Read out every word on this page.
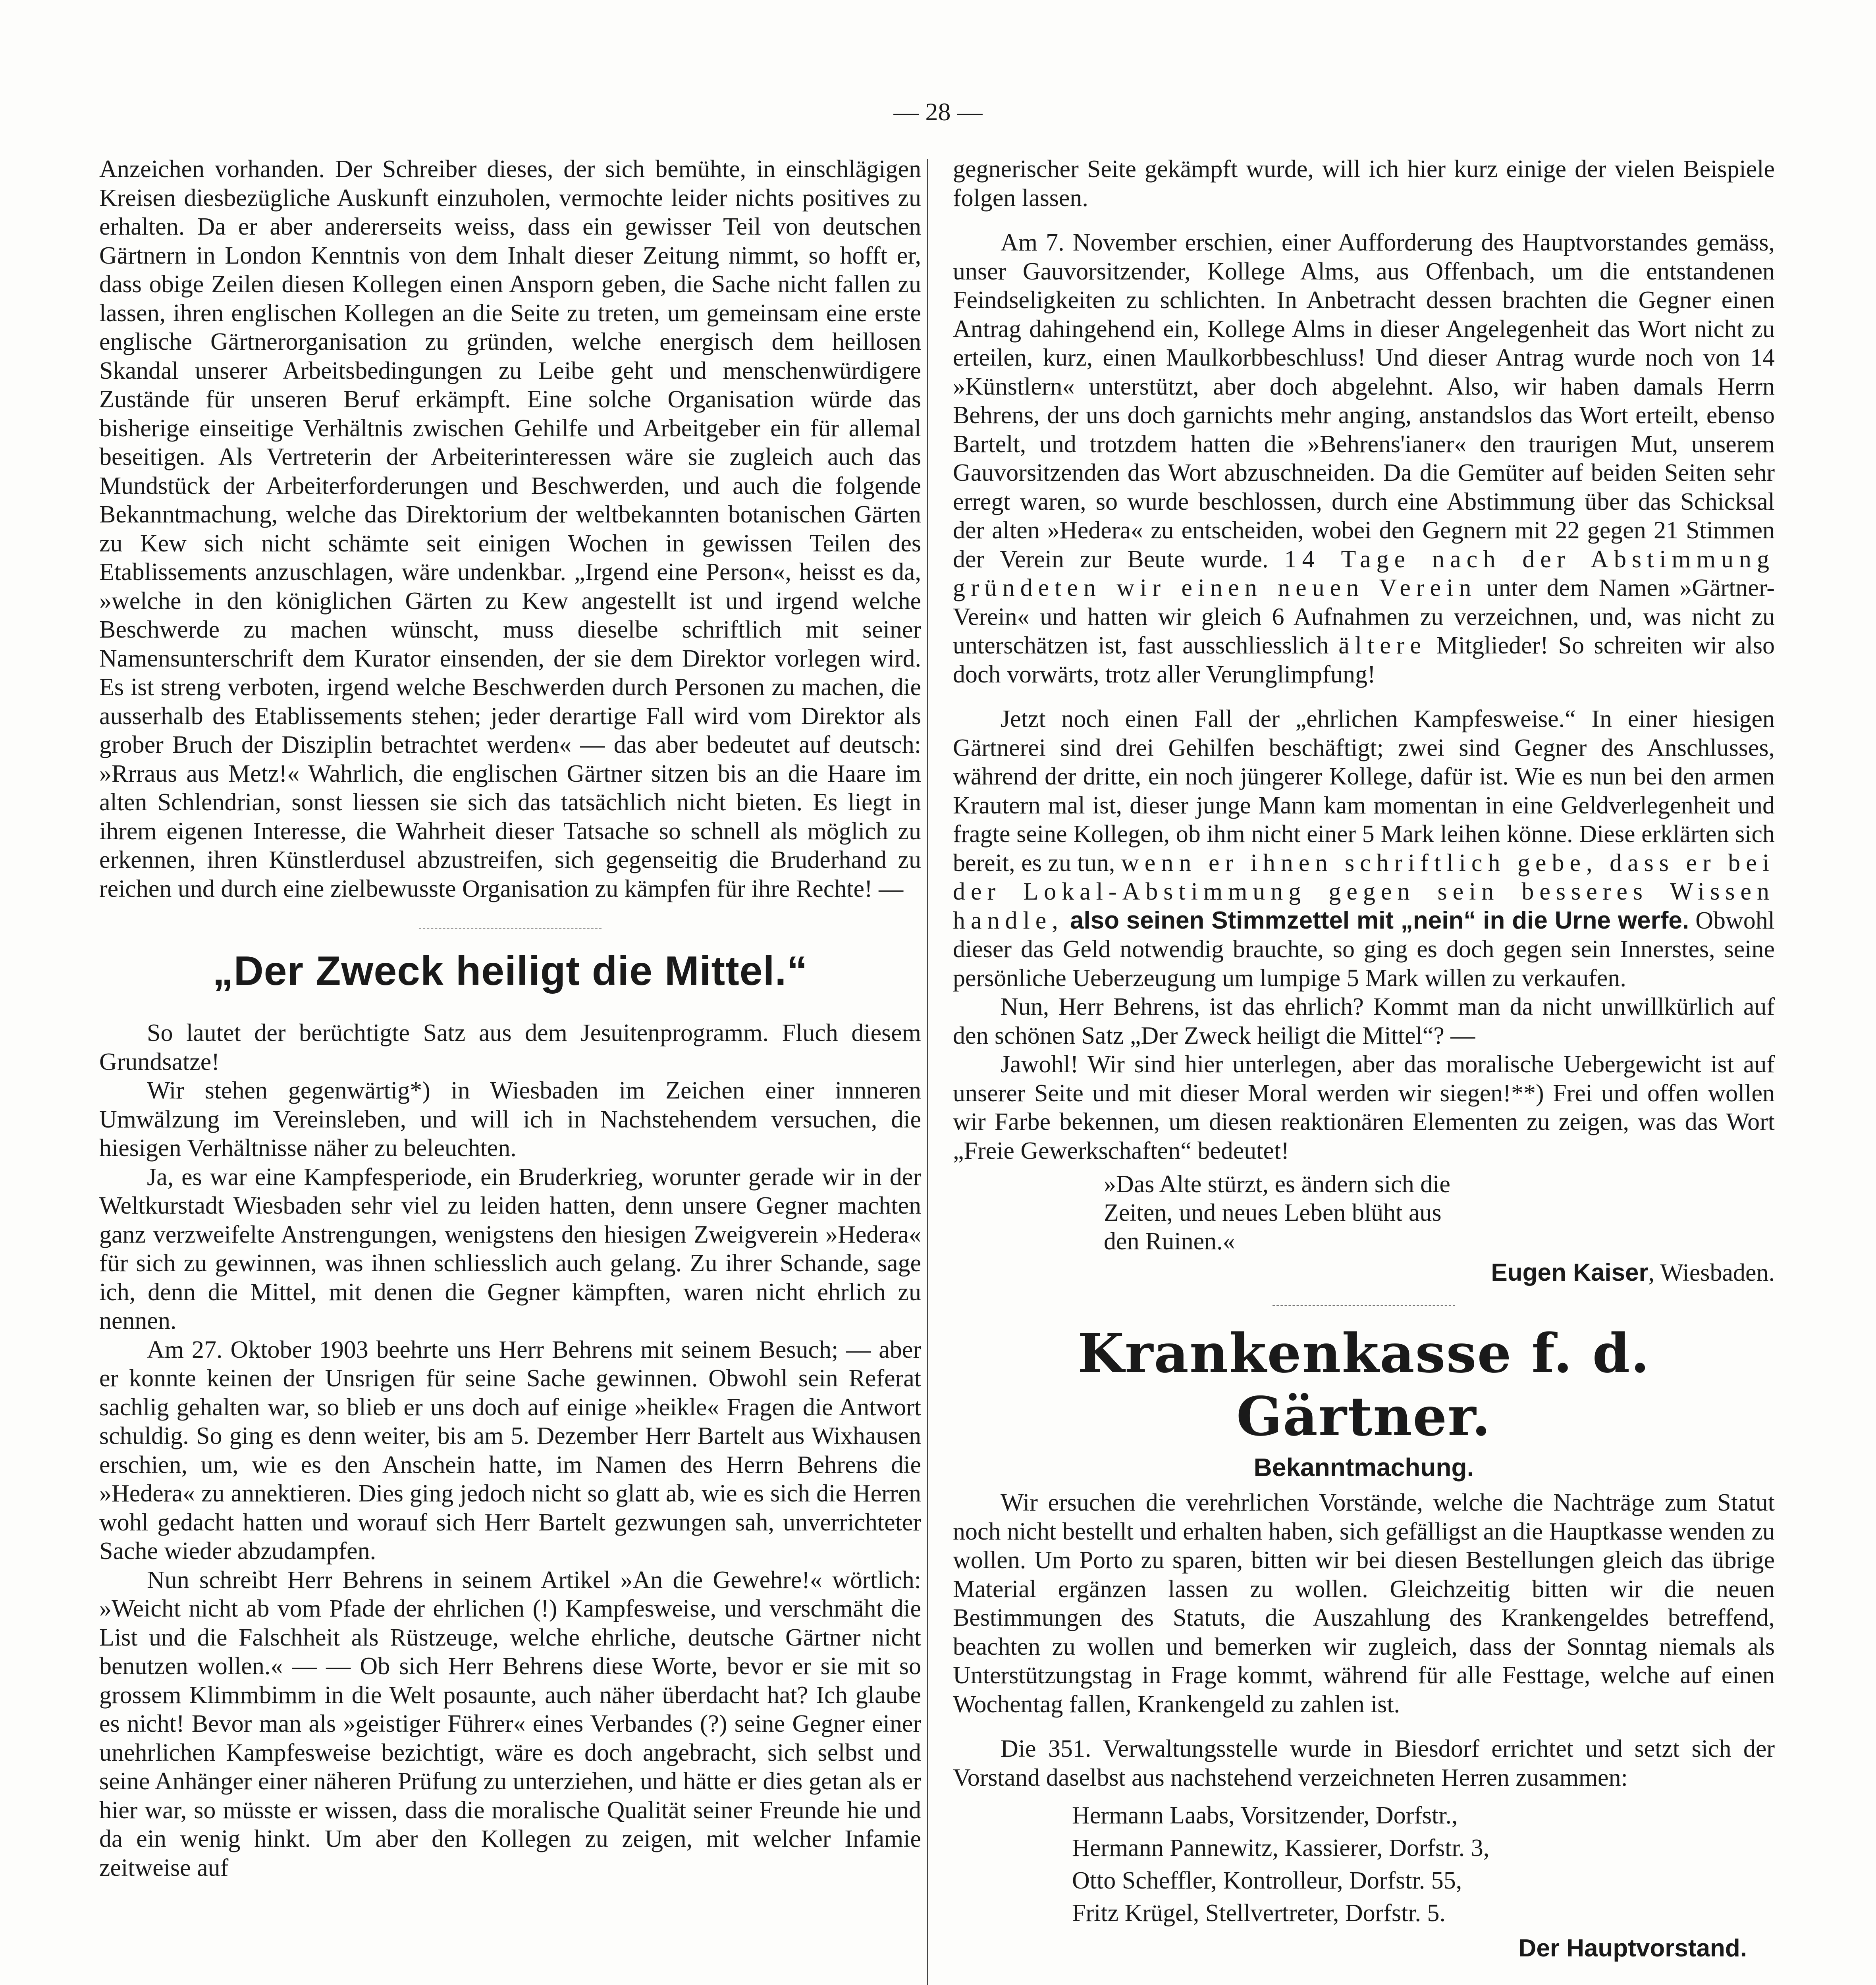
— 28 —

Anzeichen vorhanden. Der Schreiber dieses, der sich bemühte, in einschlägigen Kreisen diesbezügliche Auskunft einzuholen, vermochte leider nichts positives zu erhalten. Da er aber andererseits weiss, dass ein gewisser Teil von deutschen Gärtnern in London Kenntnis von dem Inhalt dieser Zeitung nimmt, so hofft er, dass obige Zeilen diesen Kollegen einen Ansporn geben, die Sache nicht fallen zu lassen, ihren englischen Kollegen an die Seite zu treten, um gemeinsam eine erste englische Gärtnerorganisation zu gründen, welche energisch dem heillosen Skandal unserer Arbeitsbedingungen zu Leibe geht und menschenwürdigere Zustände für unseren Beruf erkämpft. Eine solche Organisation würde das bisherige einseitige Verhältnis zwischen Gehilfe und Arbeitgeber ein für allemal beseitigen. Als Vertreterin der Arbeiterinteressen wäre sie zugleich auch das Mundstück der Arbeiterforderungen und Beschwerden, und auch die folgende Bekanntmachung, welche das Direktorium der weltbekannten botanischen Gärten zu Kew sich nicht schämte seit einigen Wochen in gewissen Teilen des Etablissements anzuschlagen, wäre undenkbar. „Irgend eine Person«, heisst es da, »welche in den königlichen Gärten zu Kew angestellt ist und irgend welche Beschwerde zu machen wünscht, muss dieselbe schriftlich mit seiner Namensunterschrift dem Kurator einsenden, der sie dem Direktor vorlegen wird. Es ist streng verboten, irgend welche Beschwerden durch Personen zu machen, die ausserhalb des Etablissements stehen; jeder derartige Fall wird vom Direktor als grober Bruch der Disziplin betrachtet werden« — das aber bedeutet auf deutsch: »Rrraus aus Metz!« Wahrlich, die englischen Gärtner sitzen bis an die Haare im alten Schlendrian, sonst liessen sie sich das tatsächlich nicht bieten. Es liegt in ihrem eigenen Interesse, die Wahrheit dieser Tatsache so schnell als möglich zu erkennen, ihren Künstlerdusel abzustreifen, sich gegenseitig die Bruderhand zu reichen und durch eine zielbewusste Organisation zu kämpfen für ihre Rechte! —

„Der Zweck heiligt die Mittel.“

So lautet der berüchtigte Satz aus dem Jesuitenprogramm. Fluch diesem Grundsatze!

Wir stehen gegenwärtig*) in Wiesbaden im Zeichen einer innneren Umwälzung im Vereinsleben, und will ich in Nachstehendem versuchen, die hiesigen Verhältnisse näher zu beleuchten.

Ja, es war eine Kampfesperiode, ein Bruderkrieg, worunter gerade wir in der Weltkurstadt Wiesbaden sehr viel zu leiden hatten, denn unsere Gegner machten ganz verzweifelte Anstrengungen, wenigstens den hiesigen Zweigverein »Hedera« für sich zu gewinnen, was ihnen schliesslich auch gelang. Zu ihrer Schande, sage ich, denn die Mittel, mit denen die Gegner kämpften, waren nicht ehrlich zu nennen.

Am 27. Oktober 1903 beehrte uns Herr Behrens mit seinem Besuch; — aber er konnte keinen der Unsrigen für seine Sache gewinnen. Obwohl sein Referat sachlig gehalten war, so blieb er uns doch auf einige »heikle« Fragen die Antwort schuldig. So ging es denn weiter, bis am 5. Dezember Herr Bartelt aus Wixhausen erschien, um, wie es den Anschein hatte, im Namen des Herrn Behrens die »Hedera« zu annektieren. Dies ging jedoch nicht so glatt ab, wie es sich die Herren wohl gedacht hatten und worauf sich Herr Bartelt gezwungen sah, unverrichteter Sache wieder abzudampfen.

Nun schreibt Herr Behrens in seinem Artikel »An die Gewehre!« wörtlich: »Weicht nicht ab vom Pfade der ehrlichen (!) Kampfesweise, und verschmäht die List und die Falschheit als Rüstzeuge, welche ehrliche, deutsche Gärtner nicht benutzen wollen.« — — Ob sich Herr Behrens diese Worte, bevor er sie mit so grossem Klimmbimm in die Welt posaunte, auch näher überdacht hat? Ich glaube es nicht! Bevor man als »geistiger Führer« eines Verbandes (?) seine Gegner einer unehrlichen Kampfesweise bezichtigt, wäre es doch angebracht, sich selbst und seine Anhänger einer näheren Prüfung zu unterziehen, und hätte er dies getan als er hier war, so müsste er wissen, dass die moralische Qualität seiner Freunde hie und da ein wenig hinkt. Um aber den Kollegen zu zeigen, mit welcher Infamie zeitweise auf

gegnerischer Seite gekämpft wurde, will ich hier kurz einige der vielen Beispiele folgen lassen.

Am 7. November erschien, einer Aufforderung des Hauptvorstandes gemäss, unser Gauvorsitzender, Kollege Alms, aus Offenbach, um die entstandenen Feindseligkeiten zu schlichten. In Anbetracht dessen brachten die Gegner einen Antrag dahingehend ein, Kollege Alms in dieser Angelegenheit das Wort nicht zu erteilen, kurz, einen Maulkorbbeschluss! Und dieser Antrag wurde noch von 14 »Künstlern« unterstützt, aber doch abgelehnt. Also, wir haben damals Herrn Behrens, der uns doch garnichts mehr anging, anstandslos das Wort erteilt, ebenso Bartelt, und trotzdem hatten die »Behrens'ianer« den traurigen Mut, unserem Gauvorsitzenden das Wort abzuschneiden. Da die Gemüter auf beiden Seiten sehr erregt waren, so wurde beschlossen, durch eine Abstimmung über das Schicksal der alten »Hedera« zu entscheiden, wobei den Gegnern mit 22 gegen 21 Stimmen der Verein zur Beute wurde. 14 Tage nach der Abstimmung gründeten wir einen neuen Verein unter dem Namen »Gärtner-Verein« und hatten wir gleich 6 Aufnahmen zu verzeichnen, und, was nicht zu unterschätzen ist, fast ausschliesslich ältere Mitglieder! So schreiten wir also doch vorwärts, trotz aller Verunglimpfung!

Jetzt noch einen Fall der „ehrlichen Kampfesweise.“ In einer hiesigen Gärtnerei sind drei Gehilfen beschäftigt; zwei sind Gegner des Anschlusses, während der dritte, ein noch jüngerer Kollege, dafür ist. Wie es nun bei den armen Krautern mal ist, dieser junge Mann kam momentan in eine Geldverlegenheit und fragte seine Kollegen, ob ihm nicht einer 5 Mark leihen könne. Diese erklärten sich bereit, es zu tun, wenn er ihnen schriftlich gebe, dass er bei der Lokal-Abstimmung gegen sein besseres Wissen handle, also seinen Stimmzettel mit „nein“ in die Urne werfe. Obwohl dieser das Geld notwendig brauchte, so ging es doch gegen sein Innerstes, seine persönliche Ueberzeugung um lumpige 5 Mark willen zu verkaufen.

Nun, Herr Behrens, ist das ehrlich? Kommt man da nicht unwillkürlich auf den schönen Satz „Der Zweck heiligt die Mittel“? —

Jawohl! Wir sind hier unterlegen, aber das moralische Uebergewicht ist auf unserer Seite und mit dieser Moral werden wir siegen!**) Frei und offen wollen wir Farbe bekennen, um diesen reaktionären Elementen zu zeigen, was das Wort „Freie Gewerkschaften“ bedeutet!

»Das Alte stürzt, es ändern sich die
Zeiten, und neues Leben blüht aus
den Ruinen.«
Eugen Kaiser, Wiesbaden.
Krankenkasse f. d. Gärtner.
Bekanntmachung.

Wir ersuchen die verehrlichen Vorstände, welche die Nachträge zum Statut noch nicht bestellt und erhalten haben, sich gefälligst an die Hauptkasse wenden zu wollen. Um Porto zu sparen, bitten wir bei diesen Bestellungen gleich das übrige Material ergänzen lassen zu wollen. Gleichzeitig bitten wir die neuen Bestimmungen des Statuts, die Auszahlung des Krankengeldes betreffend, beachten zu wollen und bemerken wir zugleich, dass der Sonntag niemals als Unterstützungstag in Frage kommt, während für alle Festtage, welche auf einen Wochentag fallen, Krankengeld zu zahlen ist.

Die 351. Verwaltungsstelle wurde in Biesdorf errichtet und setzt sich der Vorstand daselbst aus nachstehend verzeichneten Herren zusammen:

Hermann Laabs, Vorsitzender, Dorfstr.,
Hermann Pannewitz, Kassierer, Dorfstr. 3,
Otto Scheffler, Kontrolleur, Dorfstr. 55,
Fritz Krügel, Stellvertreter, Dorfstr. 5.
Der Hauptvorstand.
